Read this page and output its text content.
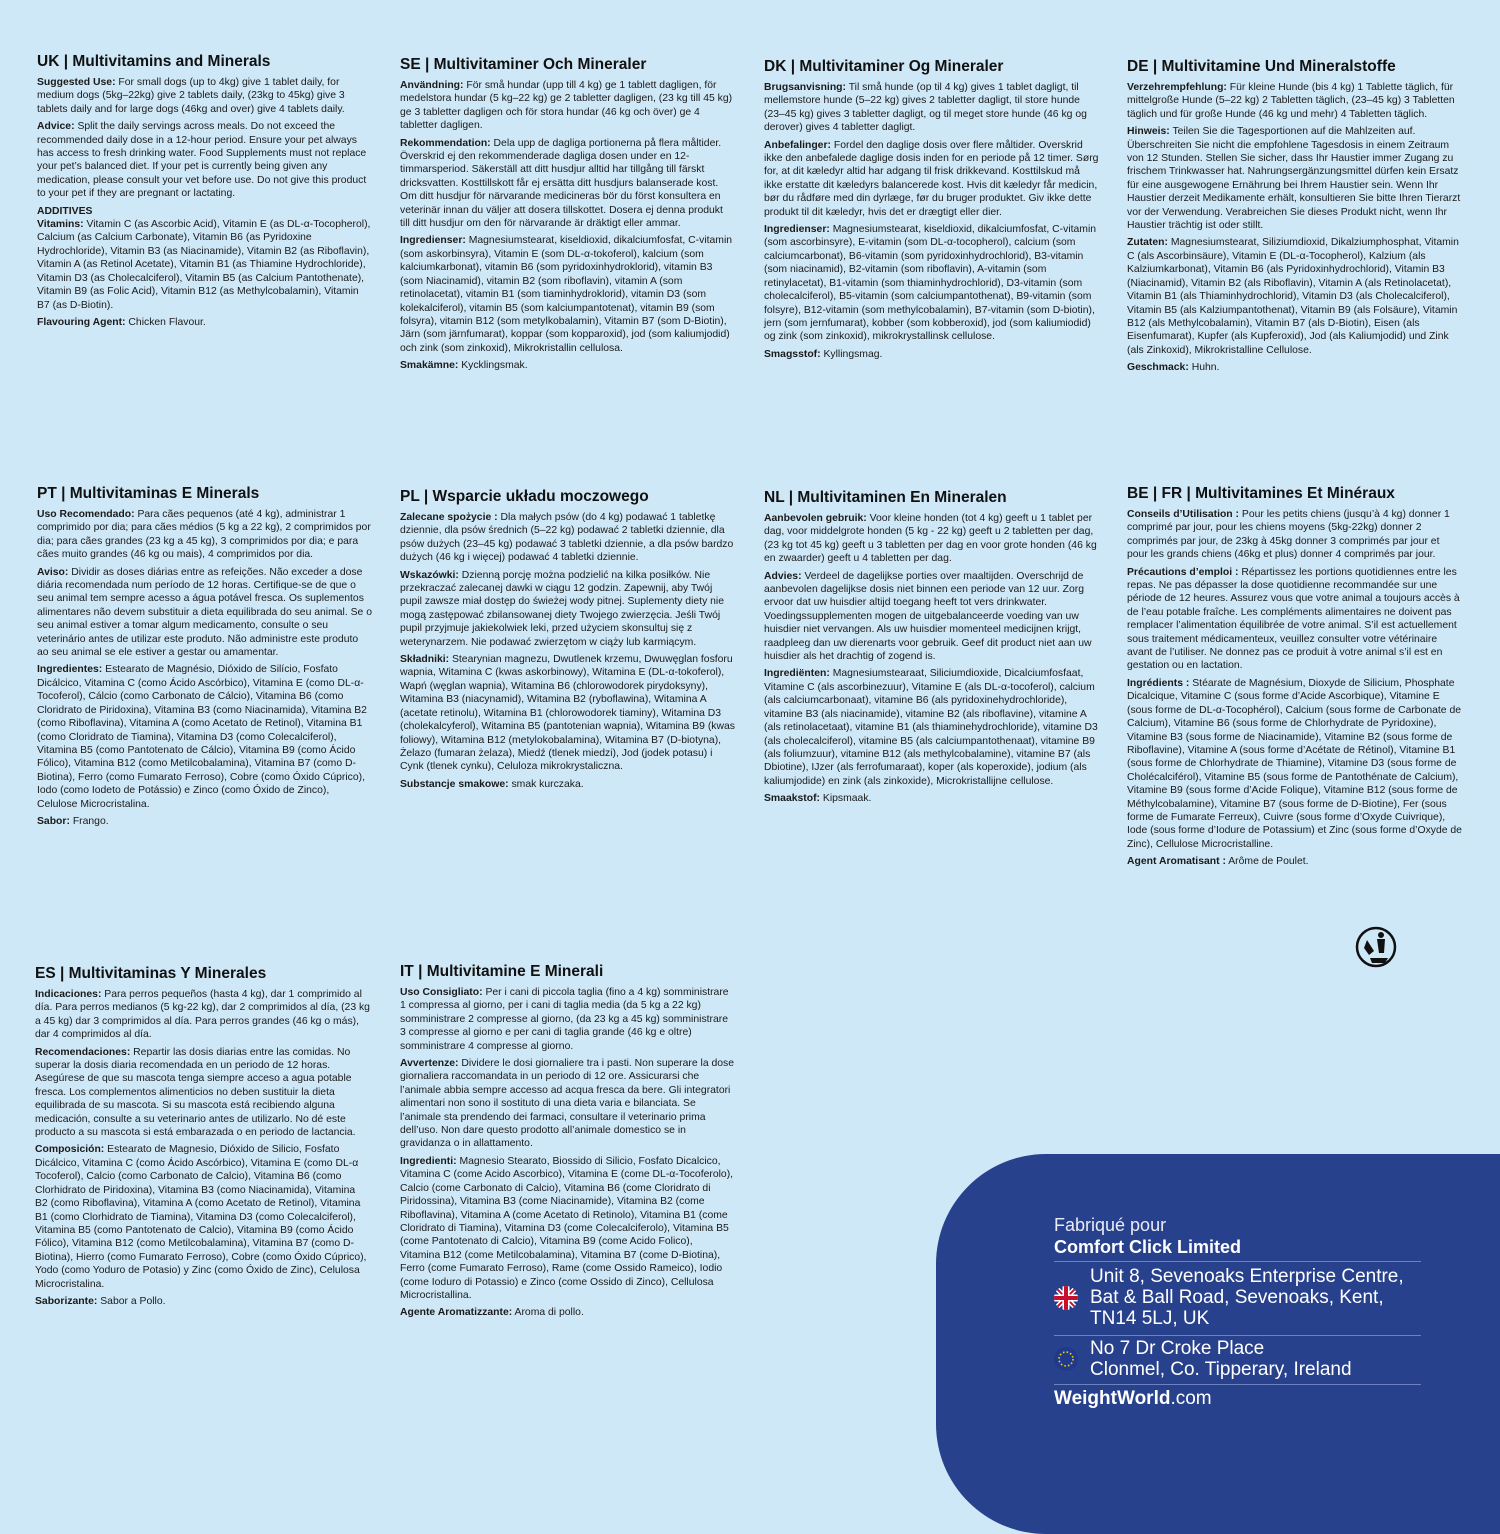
UK | Multivitamins and Minerals

Suggested Use: For small dogs (up to 4kg) give 1 tablet daily, for medium dogs (5kg–22kg) give 2 tablets daily, (23kg to 45kg) give 3 tablets daily and for large dogs (46kg and over) give 4 tablets daily.

Advice: Split the daily servings across meals. Do not exceed the recommended daily dose in a 12-hour period. Ensure your pet always has access to fresh drinking water. Food Supplements must not replace your pet’s balanced diet. If your pet is currently being given any medication, please consult your vet before use. Do not give this product to your pet if they are pregnant or lactating.

ADDITIVES

Vitamins: Vitamin C (as Ascorbic Acid), Vitamin E (as DL-α-Tocopherol), Calcium (as Calcium Carbonate), Vitamin B6 (as Pyridoxine Hydrochloride), Vitamin B3 (as Niacinamide), Vitamin B2 (as Riboflavin), Vitamin A (as Retinol Acetate), Vitamin B1 (as Thiamine Hydrochloride), Vitamin D3 (as Cholecalciferol), Vitamin B5 (as Calcium Pantothenate), Vitamin B9 (as Folic Acid), Vitamin B12 (as Methylcobalamin), Vitamin B7 (as D-Biotin).

Flavouring Agent: Chicken Flavour.

SE | Multivitaminer Och Mineraler

Användning: För små hundar (upp till 4 kg) ge 1 tablett dagligen, för medelstora hundar (5 kg–22 kg) ge 2 tabletter dagligen, (23 kg till 45 kg) ge 3 tabletter dagligen och för stora hundar (46 kg och över) ge 4 tabletter dagligen.

Rekommendation: Dela upp de dagliga portionerna på flera måltider. Överskrid ej den rekommenderade dagliga dosen under en 12-timmarsperiod. Säkerställ att ditt husdjur alltid har tillgång till färskt dricksvatten. Kosttillskott får ej ersätta ditt husdjurs balanserade kost. Om ditt husdjur för närvarande medicineras bör du först konsultera en veterinär innan du väljer att dosera tillskottet. Dosera ej denna produkt till ditt husdjur om den för närvarande är dräktigt eller ammar.

Ingredienser: Magnesiumstearat, kiseldioxid, dikalciumfosfat, C-vitamin (som askorbinsyra), Vitamin E (som DL-α-tokoferol), kalcium (som kalciumkarbonat), vitamin B6 (som pyridoxinhydroklorid), vitamin B3 (som Niacinamid), vitamin B2 (som riboflavin), vitamin A (som retinolacetat), vitamin B1 (som tiaminhydroklorid), vitamin D3 (som kolekalciferol), vitamin B5 (som kalciumpantotenat), vitamin B9 (som folsyra), vitamin B12 (som metylkobalamin), Vitamin B7 (som D-Biotin), Järn (som järnfumarat), koppar (som kopparoxid), jod (som kaliumjodid) och zink (som zinkoxid), Mikrokristallin cellulosa.

Smakämne: Kycklingsmak.

DK | Multivitaminer Og Mineraler

Brugsanvisning: Til små hunde (op til 4 kg) gives 1 tablet dagligt, til mellemstore hunde (5–22 kg) gives 2 tabletter dagligt, til store hunde (23–45 kg) gives 3 tabletter dagligt, og til meget store hunde (46 kg og derover) gives 4 tabletter dagligt.

Anbefalinger: Fordel den daglige dosis over flere måltider. Overskrid ikke den anbefalede daglige dosis inden for en periode på 12 timer. Sørg for, at dit kæledyr altid har adgang til frisk drikkevand. Kosttilskud må ikke erstatte dit kæledyrs balancerede kost. Hvis dit kæledyr får medicin, bør du rådføre med din dyrlæge, før du bruger produktet. Giv ikke dette produkt til dit kæledyr, hvis det er drægtigt eller dier.

Ingredienser: Magnesiumstearat, kiseldioxid, dikalciumfosfat, C-vitamin (som ascorbinsyre), E-vitamin (som DL-α-tocopherol), calcium (som calciumcarbonat), B6-vitamin (som pyridoxinhydrochlorid), B3-vitamin (som niacinamid), B2-vitamin (som riboflavin), A-vitamin (som retinylacetat), B1-vitamin (som thiaminhydrochlorid), D3-vitamin (som cholecalciferol), B5-vitamin (som calciumpantothenat), B9-vitamin (som folsyre), B12-vitamin (som methylcobalamin), B7-vitamin (som D-biotin), jern (som jernfumarat), kobber (som kobberoxid), jod (som kaliumiodid) og zink (som zinkoxid), mikrokrystallinsk cellulose.

Smagsstof: Kyllingsmag.

DE | Multivitamine Und Mineralstoffe

Verzehrempfehlung: Für kleine Hunde (bis 4 kg) 1 Tablette täglich, für mittelgroße Hunde (5–22 kg) 2 Tabletten täglich, (23–45 kg) 3 Tabletten täglich und für große Hunde (46 kg und mehr) 4 Tabletten täglich.

Hinweis: Teilen Sie die Tagesportionen auf die Mahlzeiten auf. Überschreiten Sie nicht die empfohlene Tagesdosis in einem Zeitraum von 12 Stunden. Stellen Sie sicher, dass Ihr Haustier immer Zugang zu frischem Trinkwasser hat. Nahrungsergänzungsmittel dürfen kein Ersatz für eine ausgewogene Ernährung bei Ihrem Haustier sein. Wenn Ihr Haustier derzeit Medikamente erhält, konsultieren Sie bitte Ihren Tierarzt vor der Verwendung. Verabreichen Sie dieses Produkt nicht, wenn Ihr Haustier trächtig ist oder stillt.

Zutaten: Magnesiumstearat, Siliziumdioxid, Dikalziumphosphat, Vitamin C (als Ascorbinsäure), Vitamin E (DL-α-Tocopherol), Kalzium (als Kalziumkarbonat), Vitamin B6 (als Pyridoxinhydrochlorid), Vitamin B3 (Niacinamid), Vitamin B2 (als Riboflavin), Vitamin A (als Retinolacetat), Vitamin B1 (als Thiaminhydrochlorid), Vitamin D3 (als Cholecalciferol), Vitamin B5 (als Kalziumpantothenat), Vitamin B9 (als Folsäure), Vitamin B12 (als Methylcobalamin), Vitamin B7 (als D-Biotin), Eisen (als Eisenfumarat), Kupfer (als Kupferoxid), Jod (als Kaliumjodid) und Zink (als Zinkoxid), Mikrokristalline Cellulose.

Geschmack: Huhn.

PT | Multivitaminas E Minerals

Uso Recomendado: Para cães pequenos (até 4 kg), administrar 1 comprimido por dia; para cães médios (5 kg a 22 kg), 2 comprimidos por dia; para cães grandes (23 kg a 45 kg), 3 comprimidos por dia; e para cães muito grandes (46 kg ou mais), 4 comprimidos por dia.

Aviso: Dividir as doses diárias entre as refeições. Não exceder a dose diária recomendada num período de 12 horas. Certifique-se de que o seu animal tem sempre acesso a água potável fresca. Os suplementos alimentares não devem substituir a dieta equilibrada do seu animal. Se o seu animal estiver a tomar algum medicamento, consulte o seu veterinário antes de utilizar este produto. Não administre este produto ao seu animal se ele estiver a gestar ou amamentar.

Ingredientes: Estearato de Magnésio, Dióxido de Silício, Fosfato Dicálcico, Vitamina C (como Ácido Ascórbico), Vitamina E (como DL-α-Tocoferol), Cálcio (como Carbonato de Cálcio), Vitamina B6 (como Cloridrato de Piridoxina), Vitamina B3 (como Niacinamida), Vitamina B2 (como Riboflavina), Vitamina A (como Acetato de Retinol), Vitamina B1 (como Cloridrato de Tiamina), Vitamina D3 (como Colecalciferol), Vitamina B5 (como Pantotenato de Cálcio), Vitamina B9 (como Ácido Fólico), Vitamina B12 (como Metilcobalamina), Vitamina B7 (como D-Biotina), Ferro (como Fumarato Ferroso), Cobre (como Óxido Cúprico), Iodo (como Iodeto de Potássio) e Zinco (como Óxido de Zinco), Celulose Microcristalina.

Sabor: Frango.

PL | Wsparcie układu moczowego

Zalecane spożycie : Dla małych psów (do 4 kg) podawać 1 tabletkę dziennie, dla psów średnich (5–22 kg) podawać 2 tabletki dziennie, dla psów dużych (23–45 kg) podawać 3 tabletki dziennie, a dla psów bardzo dużych (46 kg i więcej) podawać 4 tabletki dziennie.

Wskazówki: Dzienną porcję można podzielić na kilka posiłków. Nie przekraczać zalecanej dawki w ciągu 12 godzin. Zapewnij, aby Twój pupil zawsze miał dostęp do świeżej wody pitnej. Suplementy diety nie mogą zastępować zbilansowanej diety Twojego zwierzęcia. Jeśli Twój pupil przyjmuje jakiekolwiek leki, przed użyciem skonsultuj się z weterynarzem. Nie podawać zwierzętom w ciąży lub karmiącym.

Składniki: Stearynian magnezu, Dwutlenek krzemu, Dwuwęglan fosforu wapnia, Witamina C (kwas askorbinowy), Witamina E (DL-α-tokoferol), Wapń (węglan wapnia), Witamina B6 (chlorowodorek pirydoksyny), Witamina B3 (niacynamid), Witamina B2 (ryboflawina), Witamina A (acetate retinolu), Witamina B1 (chlorowodorek tiaminy), Witamina D3 (cholekalcyferol), Witamina B5 (pantotenian wapnia), Witamina B9 (kwas foliowy), Witamina B12 (metylokobalamina), Witamina B7 (D-biotyna), Żelazo (fumaran żelaza), Miedź (tlenek miedzi), Jod (jodek potasu) i Cynk (tlenek cynku), Celuloza mikrokrystaliczna.

Substancje smakowe: smak kurczaka.

NL | Multivitaminen En Mineralen

Aanbevolen gebruik: Voor kleine honden (tot 4 kg) geeft u 1 tablet per dag, voor middelgrote honden (5 kg - 22 kg) geeft u 2 tabletten per dag, (23 kg tot 45 kg) geeft u 3 tabletten per dag en voor grote honden (46 kg en zwaarder) geeft u 4 tabletten per dag.

Advies: Verdeel de dagelijkse porties over maaltijden. Overschrijd de aanbevolen dagelijkse dosis niet binnen een periode van 12 uur. Zorg ervoor dat uw huisdier altijd toegang heeft tot vers drinkwater. Voedingssupplementen mogen de uitgebalanceerde voeding van uw huisdier niet vervangen. Als uw huisdier momenteel medicijnen krijgt, raadpleeg dan uw dierenarts voor gebruik. Geef dit product niet aan uw huisdier als het drachtig of zogend is.

Ingrediënten: Magnesiumstearaat, Siliciumdioxide, Dicalciumfosfaat, Vitamine C (als ascorbinezuur), Vitamine E (als DL-α-tocoferol), calcium (als calciumcarbonaat), vitamine B6 (als pyridoxinehydrochloride), vitamine B3 (als niacinamide), vitamine B2 (als riboflavine), vitamine A (als retinolacetaat), vitamine B1 (als thiaminehydrochloride), vitamine D3 (als cholecalciferol), vitamine B5 (als calciumpantothenaat), vitamine B9 (als foliumzuur), vitamine B12 (als methylcobalamine), vitamine B7 (als Dbiotine), IJzer (als ferrofumaraat), koper (als koperoxide), jodium (als kaliumjodide) en zink (als zinkoxide), Microkristallijne cellulose.

Smaakstof: Kipsmaak.

BE | FR | Multivitamines Et Minéraux

Conseils d’Utilisation : Pour les petits chiens (jusqu’à 4 kg) donner 1 comprimé par jour, pour les chiens moyens (5kg-22kg) donner 2 comprimés par jour, de 23kg à 45kg donner 3 comprimés par jour et pour les grands chiens (46kg et plus) donner 4 comprimés par jour.

Précautions d’emploi : Répartissez les portions quotidiennes entre les repas. Ne pas dépasser la dose quotidienne recommandée sur une période de 12 heures. Assurez vous que votre animal a toujours accès à de l’eau potable fraîche. Les compléments alimentaires ne doivent pas remplacer l’alimentation équilibrée de votre animal. S’il est actuellement sous traitement médicamenteux, veuillez consulter votre vétérinaire avant de l’utiliser. Ne donnez pas ce produit à votre animal s’il est en gestation ou en lactation.

Ingrédients : Stéarate de Magnésium, Dioxyde de Silicium, Phosphate Dicalcique, Vitamine C (sous forme d’Acide Ascorbique), Vitamine E (sous forme de DL-α-Tocophérol), Calcium (sous forme de Carbonate de Calcium), Vitamine B6 (sous forme de Chlorhydrate de Pyridoxine), Vitamine B3 (sous forme de Niacinamide), Vitamine B2 (sous forme de Riboflavine), Vitamine A (sous forme d’Acétate de Rétinol), Vitamine B1 (sous forme de Chlorhydrate de Thiamine), Vitamine D3 (sous forme de Cholécalciférol), Vitamine B5 (sous forme de Pantothénate de Calcium), Vitamine B9 (sous forme d’Acide Folique), Vitamine B12 (sous forme de Méthylcobalamine), Vitamine B7 (sous forme de D-Biotine), Fer (sous forme de Fumarate Ferreux), Cuivre (sous forme d’Oxyde Cuivrique), Iode (sous forme d’Iodure de Potassium) et Zinc (sous forme d’Oxyde de Zinc), Cellulose Microcristalline.

Agent Aromatisant : Arôme de Poulet.

ES | Multivitaminas Y Minerales

Indicaciones: Para perros pequeños (hasta 4 kg), dar 1 comprimido al día. Para perros medianos (5 kg-22 kg), dar 2 comprimidos al día, (23 kg a 45 kg) dar 3 comprimidos al día. Para perros grandes (46 kg o más), dar 4 comprimidos al día.

Recomendaciones: Repartir las dosis diarias entre las comidas. No superar la dosis diaria recomendada en un periodo de 12 horas. Asegúrese de que su mascota tenga siempre acceso a agua potable fresca. Los complementos alimenticios no deben sustituir la dieta equilibrada de su mascota. Si su mascota está recibiendo alguna medicación, consulte a su veterinario antes de utilizarlo. No dé este producto a su mascota si está embarazada o en periodo de lactancia.

Composición: Estearato de Magnesio, Dióxido de Silicio, Fosfato Dicálcico, Vitamina C (como Ácido Ascórbico), Vitamina E (como DL-α Tocoferol), Calcio (como Carbonato de Calcio), Vitamina B6 (como Clorhidrato de Piridoxina), Vitamina B3 (como Niacinamida), Vitamina B2 (como Riboflavina), Vitamina A (como Acetato de Retinol), Vitamina B1 (como Clorhidrato de Tiamina), Vitamina D3 (como Colecalciferol), Vitamina B5 (como Pantotenato de Calcio), Vitamina B9 (como Ácido Fólico), Vitamina B12 (como Metilcobalamina), Vitamina B7 (como D-Biotina), Hierro (como Fumarato Ferroso), Cobre (como Óxido Cúprico), Yodo (como Yoduro de Potasio) y Zinc (como Óxido de Zinc), Celulosa Microcristalina.

Saborizante: Sabor a Pollo.

IT | Multivitamine E Minerali

Uso Consigliato: Per i cani di piccola taglia (fino a 4 kg) somministrare 1 compressa al giorno, per i cani di taglia media (da 5 kg a 22 kg) somministrare 2 compresse al giorno, (da 23 kg a 45 kg) somministrare 3 compresse al giorno e per cani di taglia grande (46 kg e oltre) somministrare 4 compresse al giorno.

Avvertenze: Dividere le dosi giornaliere tra i pasti. Non superare la dose giornaliera raccomandata in un periodo di 12 ore. Assicurarsi che l’animale abbia sempre accesso ad acqua fresca da bere. Gli integratori alimentari non sono il sostituto di una dieta varia e bilanciata. Se l’animale sta prendendo dei farmaci, consultare il veterinario prima dell’uso. Non dare questo prodotto all’animale domestico se in gravidanza o in allattamento.

Ingredienti: Magnesio Stearato, Biossido di Silicio, Fosfato Dicalcico, Vitamina C (come Acido Ascorbico), Vitamina E (come DL-α-Tocoferolo), Calcio (come Carbonato di Calcio), Vitamina B6 (come Cloridrato di Piridossina), Vitamina B3 (come Niacinamide), Vitamina B2 (come Riboflavina), Vitamina A (come Acetato di Retinolo), Vitamina B1 (come Cloridrato di Tiamina), Vitamina D3 (come Colecalciferolo), Vitamina B5 (come Pantotenato di Calcio), Vitamina B9 (come Acido Folico), Vitamina B12 (come Metilcobalamina), Vitamina B7 (come D-Biotina), Ferro (come Fumarato Ferroso), Rame (come Ossido Rameico), Iodio (come Ioduro di Potassio) e Zinco (come Ossido di Zinco), Cellulosa Microcristallina.

Agente Aromatizzante: Aroma di pollo.

Fabriqué pour
Comfort Click Limited
Unit 8, Sevenoaks Enterprise Centre,
Bat & Ball Road, Sevenoaks, Kent,
TN14 5LJ, UK
No 7 Dr Croke Place
Clonmel, Co. Tipperary, Ireland
WeightWorld.com
